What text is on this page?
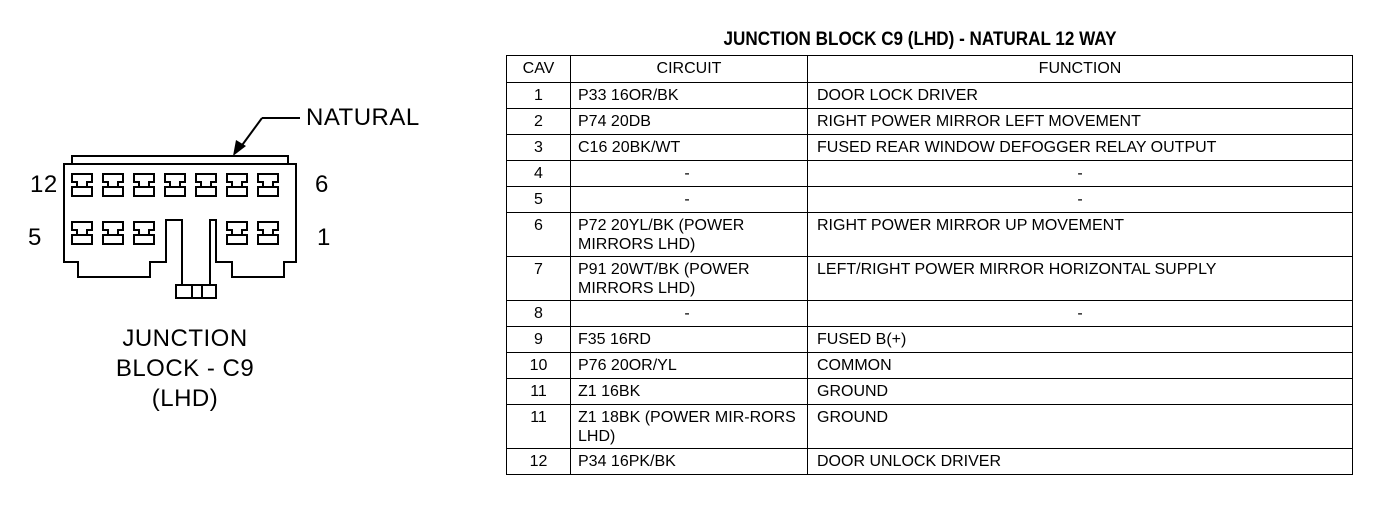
NATURAL
12	6
5	1
JUNCTION
BLOCK - C9
(LHD)
JUNCTION BLOCK C9 (LHD) - NATURAL 12 WAY
CAV	CIRCUIT	FUNCTION
1	P33 16OR/BK	DOOR LOCK DRIVER
2	P74 20DB	RIGHT POWER MIRROR LEFT MOVEMENT
3	C16 20BK/WT	FUSED REAR WINDOW DEFOGGER RELAY OUTPUT
4	-	-
5	-	-
6	P72 20YL/BK (POWER MIRRORS LHD)	RIGHT POWER MIRROR UP MOVEMENT
7	P91 20WT/BK (POWER MIRRORS LHD)	LEFT/RIGHT POWER MIRROR HORIZONTAL SUPPLY
8	-	-
9	F35 16RD	FUSED B(+)
10	P76 20OR/YL	COMMON
11	Z1 16BK	GROUND
11	Z1 18BK (POWER MIR-RORS LHD)	GROUND
12	P34 16PK/BK	DOOR UNLOCK DRIVER
